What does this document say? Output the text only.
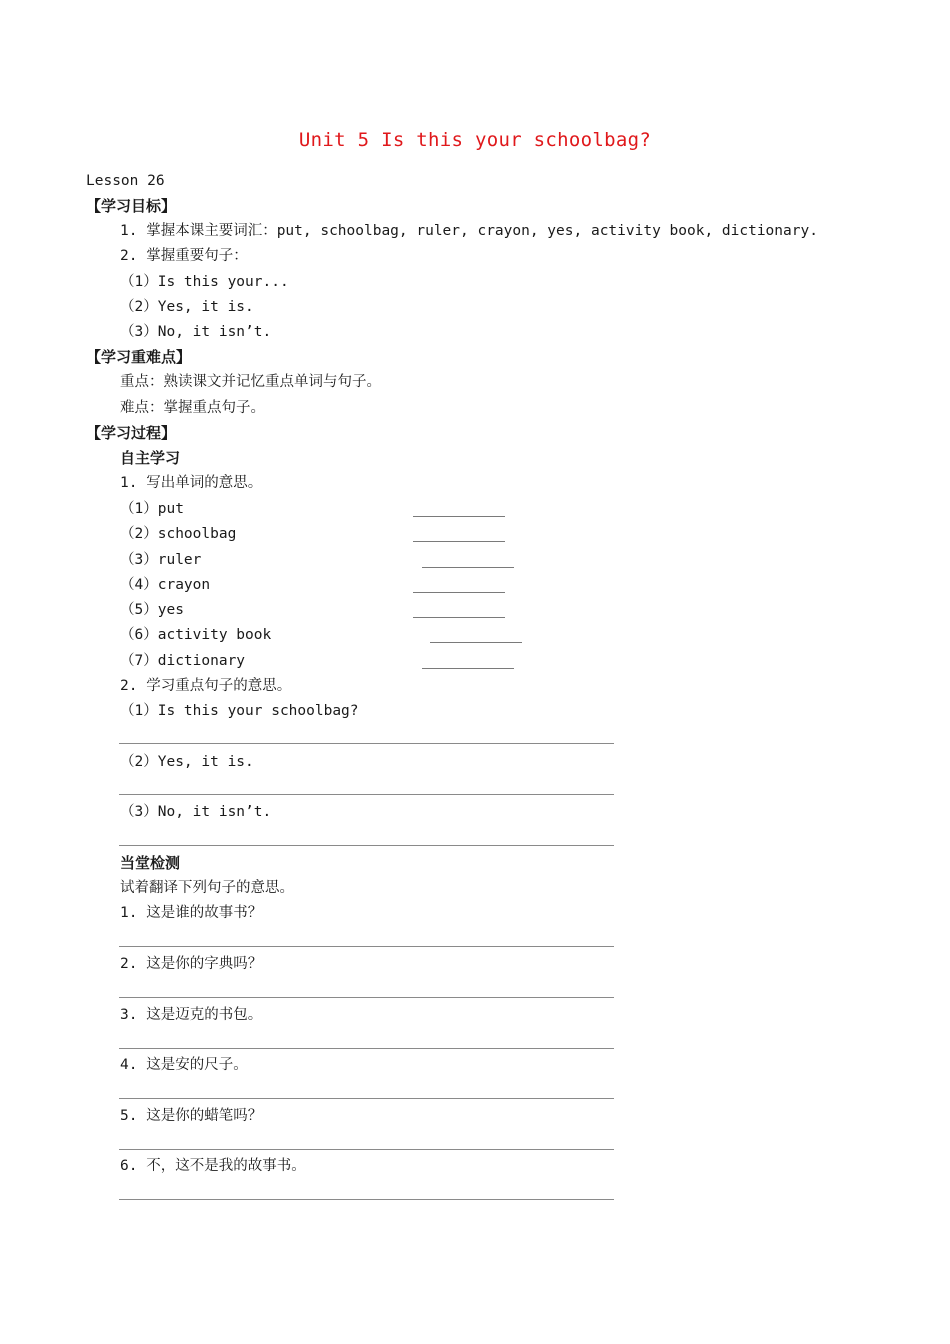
Unit 5 Is this your schoolbag?
Lesson 26
【学习目标】
1. 掌握本课主要词汇：put, schoolbag, ruler, crayon, yes, activity book, dictionary.
2. 掌握重要句子：
（1）Is this your...
（2）Yes, it is.
（3）No, it isn’t.
【学习重难点】
重点：熟读课文并记忆重点单词与句子。
难点：掌握重点句子。
【学习过程】
自主学习
1. 写出单词的意思。
（1）put
（2）schoolbag
（3）ruler
（4）crayon
（5）yes
（6）activity book
（7）dictionary
2. 学习重点句子的意思。
（1）Is this your schoolbag?
（2）Yes, it is.
（3）No, it isn’t.
当堂检测
试着翻译下列句子的意思。
1. 这是谁的故事书？
2. 这是你的字典吗？
3. 这是迈克的书包。
4. 这是安的尺子。
5. 这是你的蜡笔吗？
6. 不，这不是我的故事书。
